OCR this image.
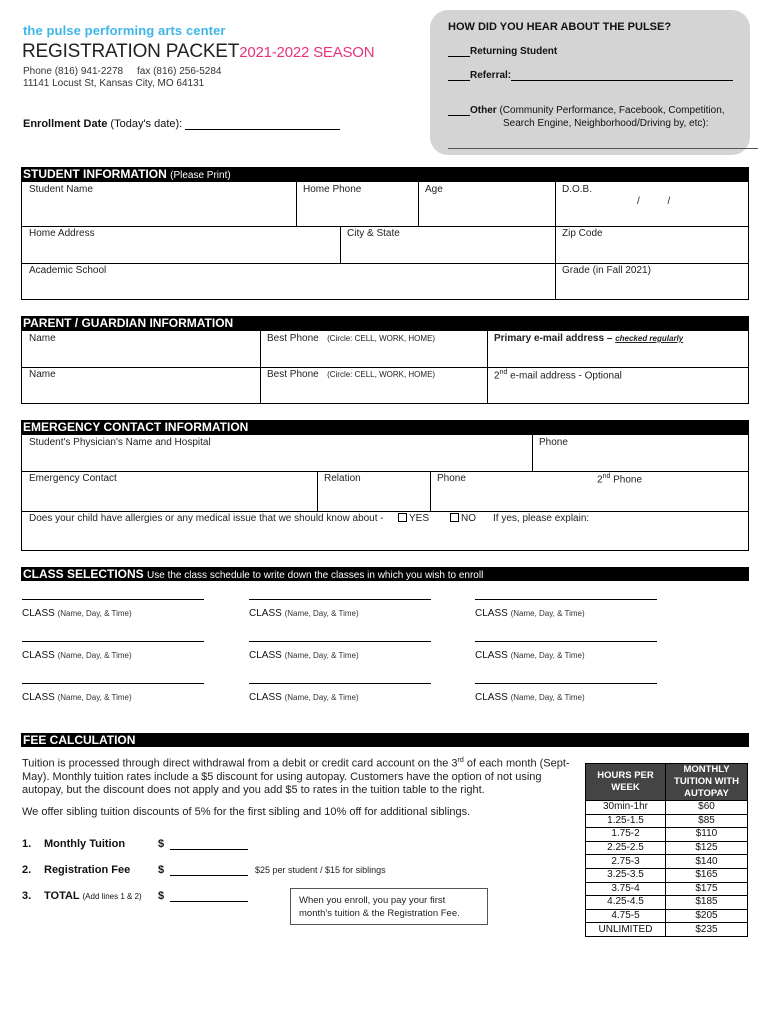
the pulse performing arts center
REGISTRATION PACKET2021-2022 SEASON
Phone (816) 941-2278 fax (816) 256-5284
11141 Locust St, Kansas City, MO 64131
Enrollment Date (Today's date):
HOW DID YOU HEAR ABOUT THE PULSE?
Returning Student
Referral:
Other (Community Performance, Facebook, Competition,
Search Engine, Neighborhood/Driving by, etc):
STUDENT INFORMATION (Please Print)
Student Name	Home Phone	Age	D.O.B.
/          /
Home Address	City & State	Zip Code
Academic School	Grade (in Fall 2021)
PARENT / GUARDIAN INFORMATION
Name	Best Phone (Circle: CELL, WORK, HOME)	Primary e-mail address – checked regularly
Name	Best Phone (Circle: CELL, WORK, HOME)	2nd e-mail address - Optional
EMERGENCY CONTACT INFORMATION
Student's Physician's Name and Hospital	Phone
Emergency Contact	Relation	Phone	2nd Phone
Does your child have allergies or any medical issue that we should know about -	YES	NO	If yes, please explain:
CLASS SELECTIONS Use the class schedule to write down the classes in which you wish to enroll
CLASS (Name, Day, & Time)	CLASS (Name, Day, & Time)	CLASS (Name, Day, & Time)
CLASS (Name, Day, & Time)	CLASS (Name, Day, & Time)	CLASS (Name, Day, & Time)
CLASS (Name, Day, & Time)	CLASS (Name, Day, & Time)	CLASS (Name, Day, & Time)
FEE CALCULATION
Tuition is processed through direct withdrawal from a debit or credit card account on the 3rd of each month (Sept-May). Monthly tuition rates include a $5 discount for using autopay. Customers have the option of not using autopay, but the discount does not apply and you add $5 to rates in the tuition table to the right.
We offer sibling tuition discounts of 5% for the first sibling and 10% off for additional siblings.
1. Monthly Tuition	$
2. Registration Fee	$	$25 per student / $15 for siblings
3. TOTAL (Add lines 1 & 2) $	When you enroll, you pay your first
month's tuition & the Registration Fee.
HOURS PER WEEK	MONTHLY TUITION WITH AUTOPAY
30min-1hr	$60
1.25-1.5	$85
1.75-2	$110
2.25-2.5	$125
2.75-3	$140
3.25-3.5	$165
3.75-4	$175
4.25-4.5	$185
4.75-5	$205
UNLIMITED	$235
